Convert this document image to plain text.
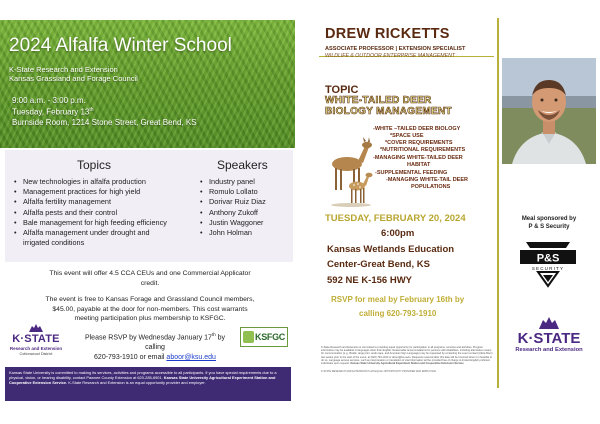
2024 Alfalfa Winter School
K-State Research and Extension
Kansas Grassland and Forage Council
9:00 a.m. - 3:00 p.m.
Tuesday, February 13th
Burnside Room, 1214 Stone Street, Great Bend, KS
Topics
• New technologies in alfalfa production
• Management practices for high yield
• Alfalfa fertility management
• Alfalfa pests and their control
• Bale management for high feeding efficiency
• Alfalfa management under drought and
irrigated conditions
Speakers
• Industry panel
• Romulo Lollato
• Dorivar Ruiz Diaz
• Anthony Zukoff
• Justin Waggoner
• John Holman
This event will offer 4.5 CCA CEUs and one Commercial Applicator
credit.
The event is free to Kansas Forage and Grassland Council members,
$45.00, payable at the door for non-members. This cost warrants
meeting participation plus membership to KSFGC.
K·STATE
Research and Extension
Cottonwood District
Please RSVP by Wednesday January 17th by calling
620-793-1910 or email aboor@ksu.edu
KSFGC
Kansas State University is committed to making its services, activities and programs accessible to all participants. If you have special requirements due to a physical, vision, or hearing disability, contact Pawnee County Extension at 620-285-6901. Kansas State University Agricultural Experiment Station and Cooperative Extension Service. K-State Research and Extension is an equal opportunity provider and employer.
DREW RICKETTS
ASSOCIATE PROFESSOR | EXTENSION SPECIALIST
WILDLIFE & OUTDOOR ENTERPRISE MANAGEMENT
TOPIC
WHITE-TAILED DEER
BIOLOGY MANAGEMENT
-WHITE –TAILED DEER BIOLOGY
*SPACE USE
*COVER REQUIREMENTS
*NUTRITIONAL REQUIREMENTS
-MANAGING WHITE-TAILED DEER
HABITAT
-SUPPLEMENTAL FEEDING
-MANAGING WHITE-TAIL DEER
POPULATIONS
TUESDAY, FEBRUARY 20, 2024
6:00pm
Kansas Wetlands Education
Center-Great Bend, KS
592 NE K-156 HWY
RSVP for meal by February 16th by
calling 620-793-1910
K-State Research and Extension is committed to providing equal opportunity for participation in all programs, services and activities. Program information may be available in languages other than English. Reasonable accommodations for persons with disabilities, including alternative means for communication (e.g., Braille, large print, audio tape, and American Sign Language) may be requested by contacting the event contact (Alicia Boor) two weeks prior to the start of the event, at (620) 793-1910 or aboor@ksu.edu. Requests received after this date will be honored when it is feasible to do so. Language access services, such as interpretation or translation of vital information will be provided free of charge to limited English proficient individuals upon request. Kansas State University Agricultural Experiment Station and Cooperative Extension Service
K-STATE RESEARCH AND EXTENSION IS AN EQUAL OPPORTUNITY PROVIDER AND EMPLOYER.
Meal sponsored by
P & S Security
P&S
SECURITY
K·STATE
Research and Extension
